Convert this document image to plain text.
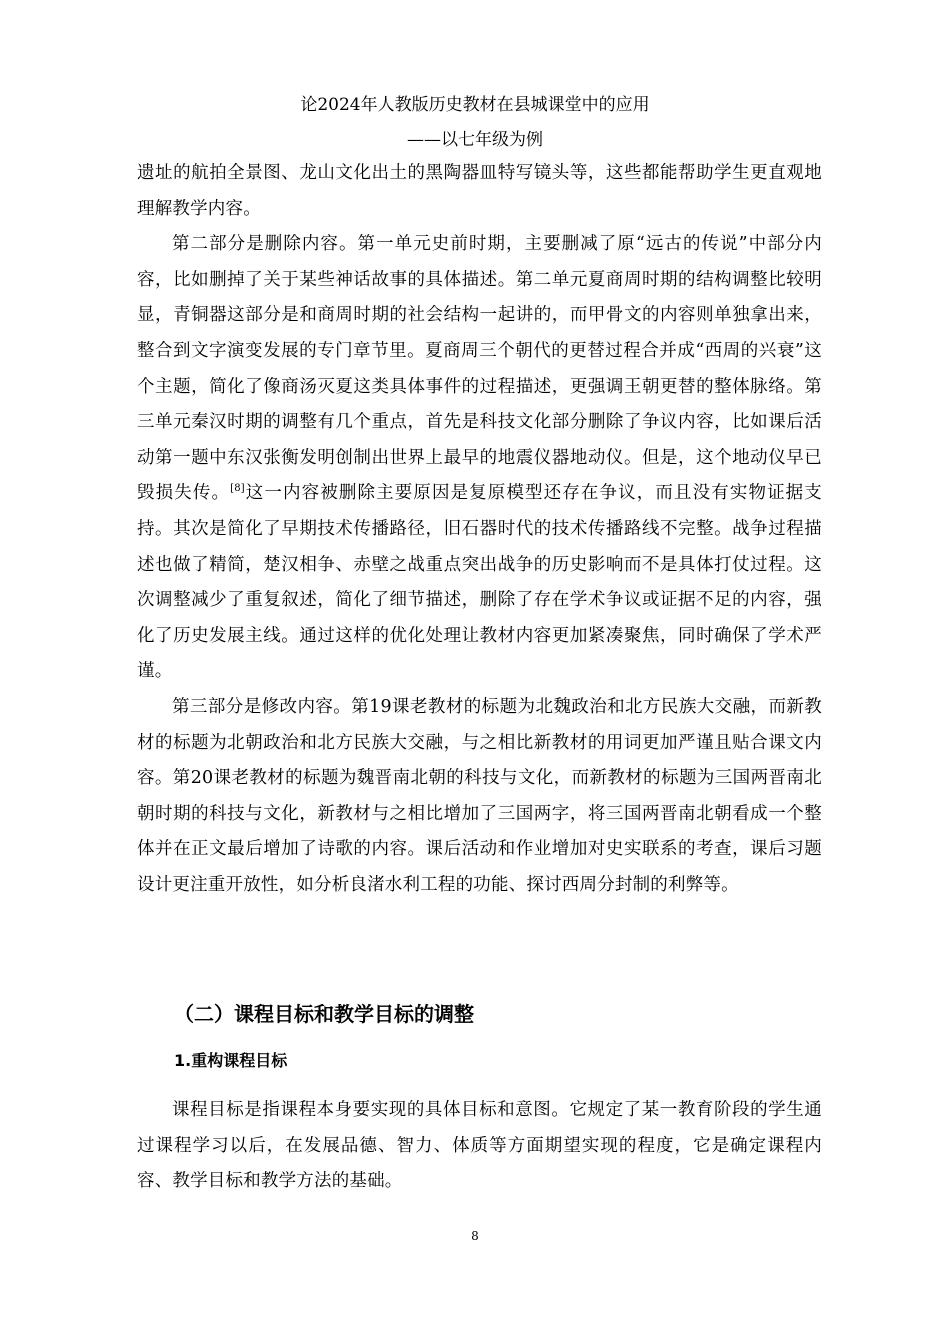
论2024年人教版历史教材在县城课堂中的应用
——以七年级为例

遗址的航拍全景图、龙山文化出土的黑陶器皿特写镜头等，这些都能帮助学生更直观地理解教学内容。

第二部分是删除内容。第一单元史前时期，主要删减了原“远古的传说”中部分内容，比如删掉了关于某些神话故事的具体描述。第二单元夏商周时期的结构调整比较明显，青铜器这部分是和商周时期的社会结构一起讲的，而甲骨文的内容则单独拿出来，整合到文字演变发展的专门章节里。夏商周三个朝代的更替过程合并成“西周的兴衰”这个主题，简化了像商汤灭夏这类具体事件的过程描述，更强调王朝更替的整体脉络。第三单元秦汉时期的调整有几个重点，首先是科技文化部分删除了争议内容，比如课后活动第一题中东汉张衡发明创制出世界上最早的地震仪器地动仪。但是，这个地动仪早已毁损失传。[8]这一内容被删除主要原因是复原模型还存在争议，而且没有实物证据支持。其次是简化了早期技术传播路径，旧石器时代的技术传播路线不完整。战争过程描述也做了精简，楚汉相争、赤壁之战重点突出战争的历史影响而不是具体打仗过程。这次调整减少了重复叙述，简化了细节描述，删除了存在学术争议或证据不足的内容，强化了历史发展主线。通过这样的优化处理让教材内容更加紧凑聚焦，同时确保了学术严谨。

第三部分是修改内容。第19课老教材的标题为北魏政治和北方民族大交融，而新教材的标题为北朝政治和北方民族大交融，与之相比新教材的用词更加严谨且贴合课文内容。第20课老教材的标题为魏晋南北朝的科技与文化，而新教材的标题为三国两晋南北朝时期的科技与文化，新教材与之相比增加了三国两字，将三国两晋南北朝看成一个整体并在正文最后增加了诗歌的内容。课后活动和作业增加对史实联系的考查，课后习题设计更注重开放性，如分析良渚水利工程的功能、探讨西周分封制的利弊等。

（二）课程目标和教学目标的调整
1.重构课程目标

课程目标是指课程本身要实现的具体目标和意图。它规定了某一教育阶段的学生通过课程学习以后，在发展品德、智力、体质等方面期望实现的程度，它是确定课程内容、教学目标和教学方法的基础。

8
